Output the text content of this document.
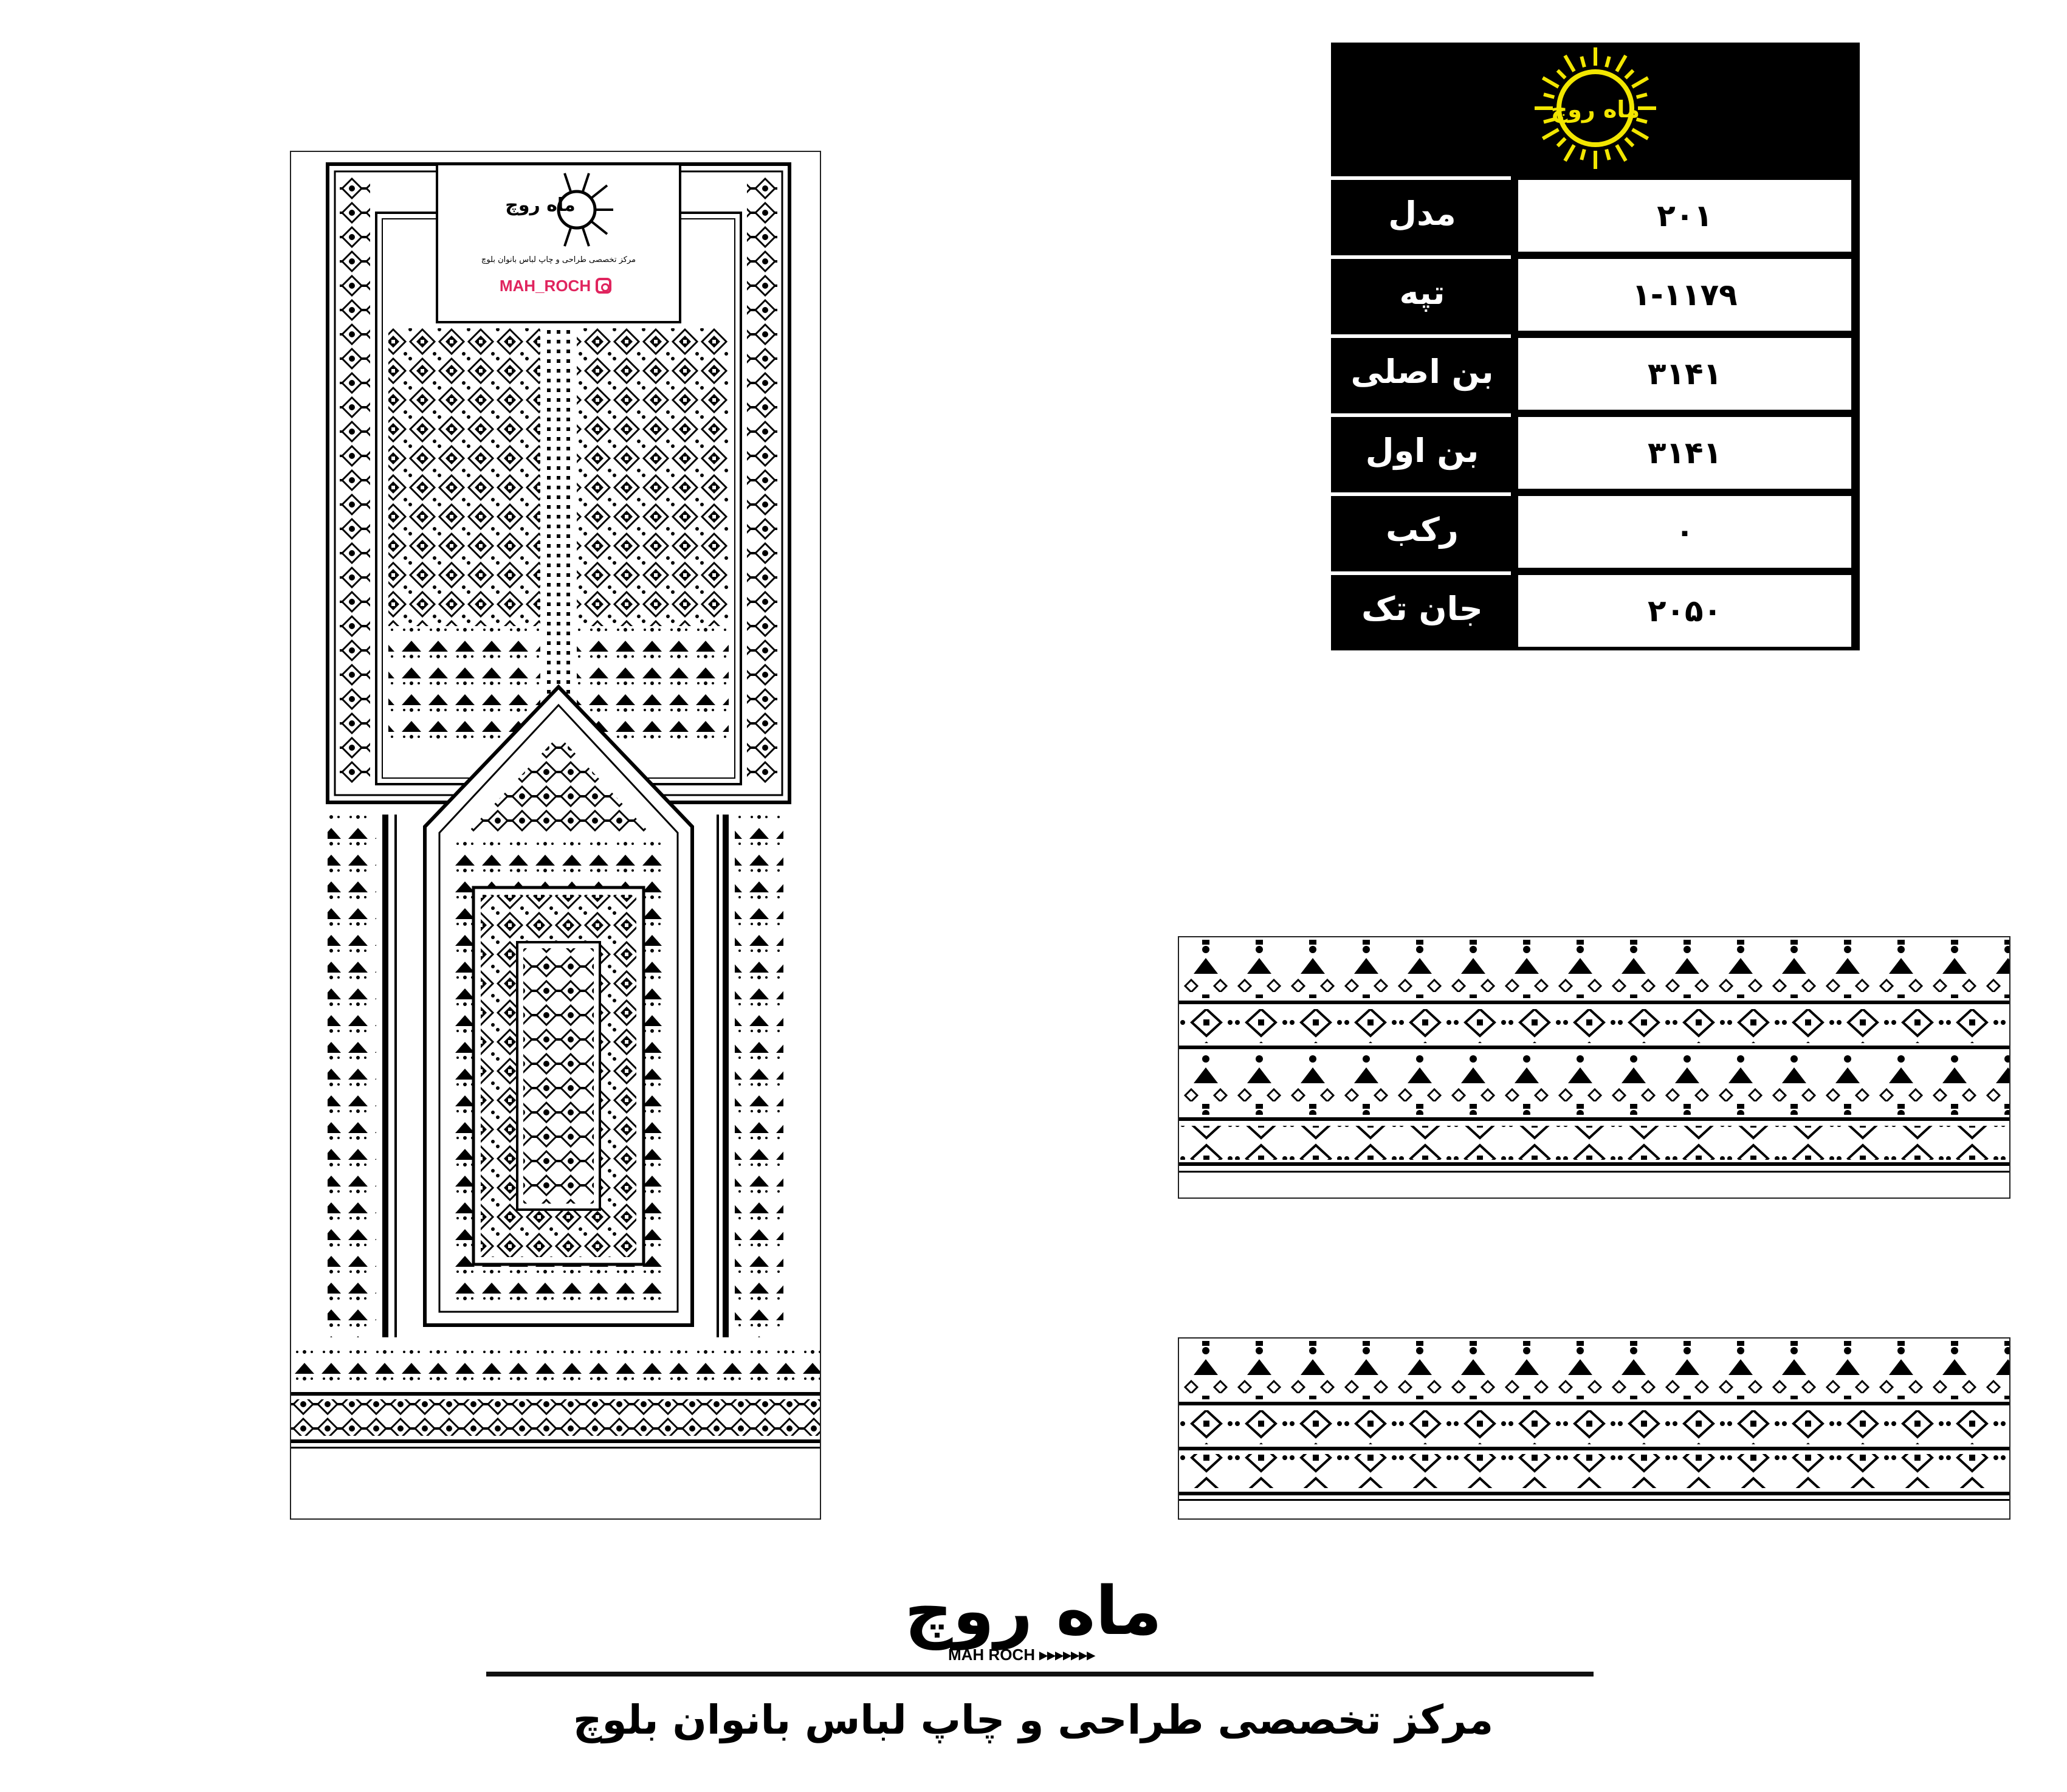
ماه روچ
مرکز تخصصی طراحی و چاپ لباس بانوان بلوچ
MAH_ROCH
ماه روچ
مدل	۲۰۱
تپه	۱-۱۱۷۹
بن اصلی	۳۱۴۱
بن اول	۳۱۴۱
رکب	۰
جان تک	۲۰۵۰
ماه روچ
MAH ROCH ▸▸▸▸▸▸▸
مرکز تخصصی طراحی و چاپ لباس بانوان بلوچ
